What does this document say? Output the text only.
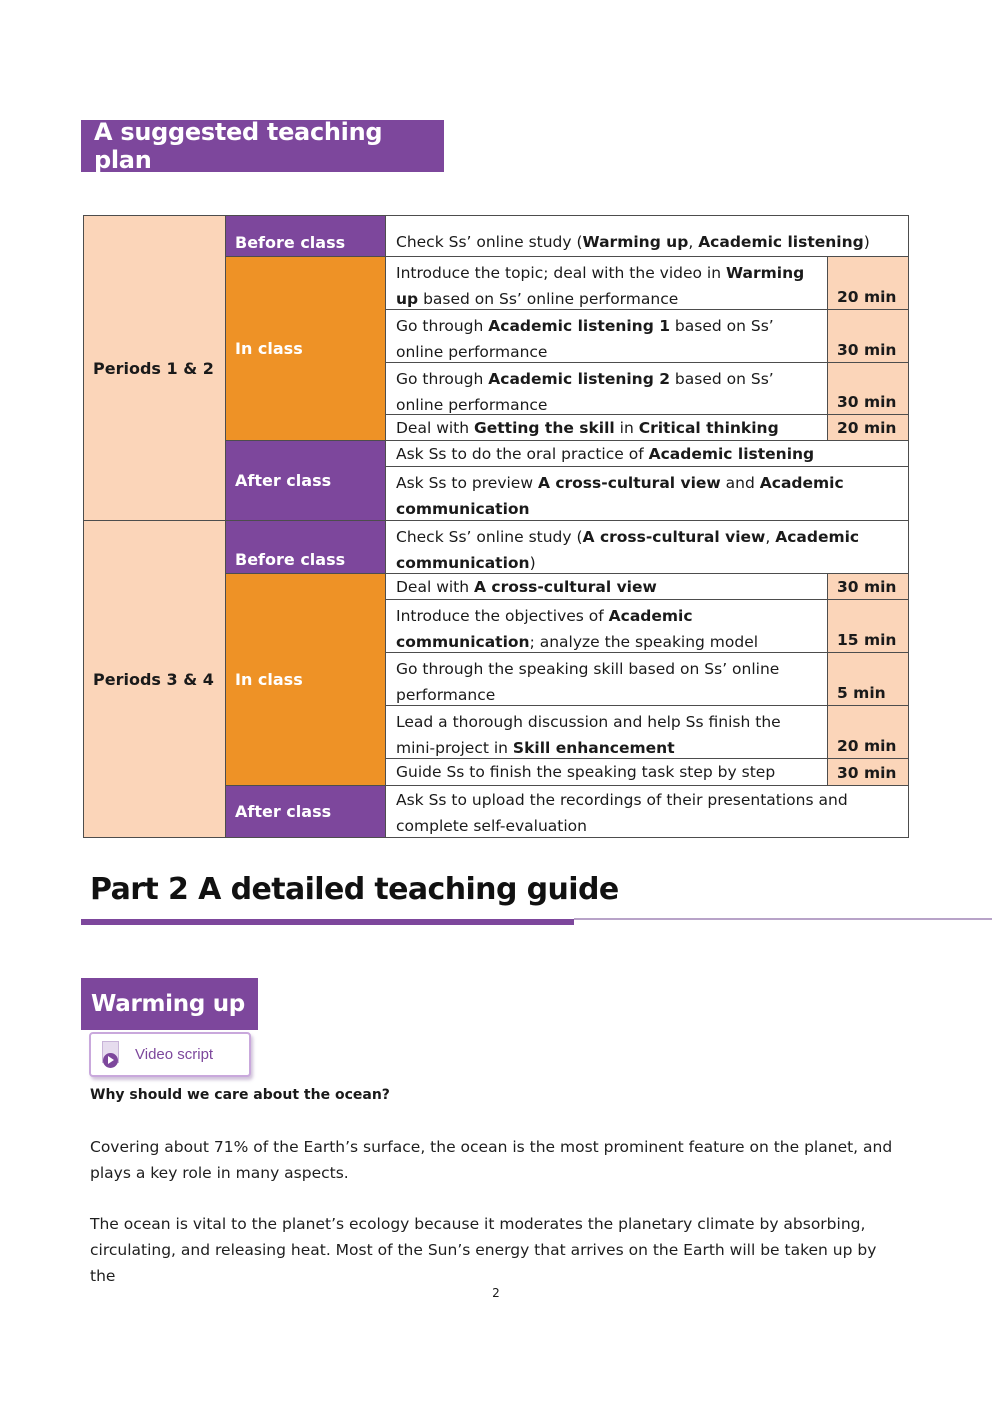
A suggested teaching plan
Periods 1 & 2
Before class	Check Ss’ online study (Warming up, Academic listening)
In class
Introduce the topic; deal with the video in Warming up based on Ss’ online performance	20 min
Go through Academic listening 1 based on Ss’ online performance	30 min
Go through Academic listening 2 based on Ss’ online performance	30 min
Deal with Getting the skill in Critical thinking	20 min
After class
Ask Ss to do the oral practice of Academic listening
Ask Ss to preview A cross-cultural view and Academic communication
Periods 3 & 4
Before class
Check Ss’ online study (A cross-cultural view, Academic communication)
In class
Deal with A cross-cultural view	30 min
Introduce the objectives of Academic communication; analyze the speaking model	15 min
Go through the speaking skill based on Ss’ online performance	5 min
Lead a thorough discussion and help Ss finish the mini-project in Skill enhancement	20 min
Guide Ss to finish the speaking task step by step	30 min
After class
Ask Ss to upload the recordings of their presentations and complete self-evaluation
Part 2 A detailed teaching guide
Warming up
Video script
Why should we care about the ocean?
Covering about 71% of the Earth’s surface, the ocean is the most prominent feature on the planet, and plays a key role in many aspects.
The ocean is vital to the planet’s ecology because it moderates the planetary climate by absorbing, circulating, and releasing heat. Most of the Sun’s energy that arrives on the Earth will be taken up by the
2
